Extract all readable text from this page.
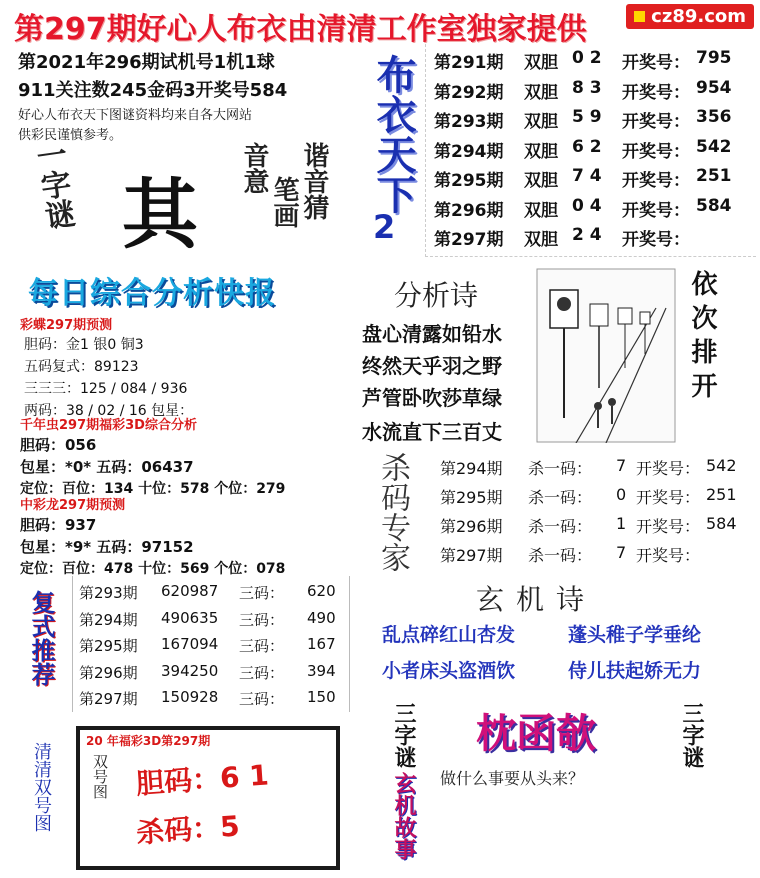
cz89.com
第297期好心人布衣由清清工作室独家提供
第2021年296期试机号1机1球
911关注数245金码3开奖号584
好心人布衣天下图谜资料均来自各大网站
供彩民谨慎参考。
一字谜 其	谐音猜
笔画
音意	布衣天下
2
第291期 双胆 0 2 开奖号： 795
第292期 双胆 8 3 开奖号： 954
第293期 双胆 5 9 开奖号： 356
第294期 双胆 6 2 开奖号： 542
第295期 双胆 7 4 开奖号： 251
第296期 双胆 0 4 开奖号： 584
第297期 双胆 2 4 开奖号：
每日综合分析快报
彩蝶297期预测
胆码：金1 银0 铜3
五码复式：89123
三三三：125 / 084 / 936
两码：38 / 02 / 16 包星：
千年虫297期福彩3D综合分析
胆码：056
包星：*0* 五码：06437
定位：百位：134 十位：578 个位：279
中彩龙297期预测
胆码：937
包星：*9* 五码：97152
定位：百位：478 十位：569 个位：078
分析诗
盘心清露如铅水
终然天乎羽之野
芦管卧吹莎草绿
水流直下三百丈
依次排开
杀码专家 第294期 杀一码： 7 开奖号： 542
第295期 杀一码： 0 开奖号： 251
第296期 杀一码： 1 开奖号： 584
第297期 杀一码： 7 开奖号：
复式推荐 第293期 620987 三码： 620
第294期 490635 三码： 490
第295期 167094 三码： 167
第296期 394250 三码： 394
第297期 150928 三码： 150
玄机诗
乱点碎红山杏发	蓬头稚子学垂纶
小者床头盗酒饮	侍儿扶起娇无力
清清双号图
20 年福彩3D第297期
双号图 胆码：6 1
杀码：5
三字谜
玄机故事
枕函欹	三字谜
做什么事要从头来？
